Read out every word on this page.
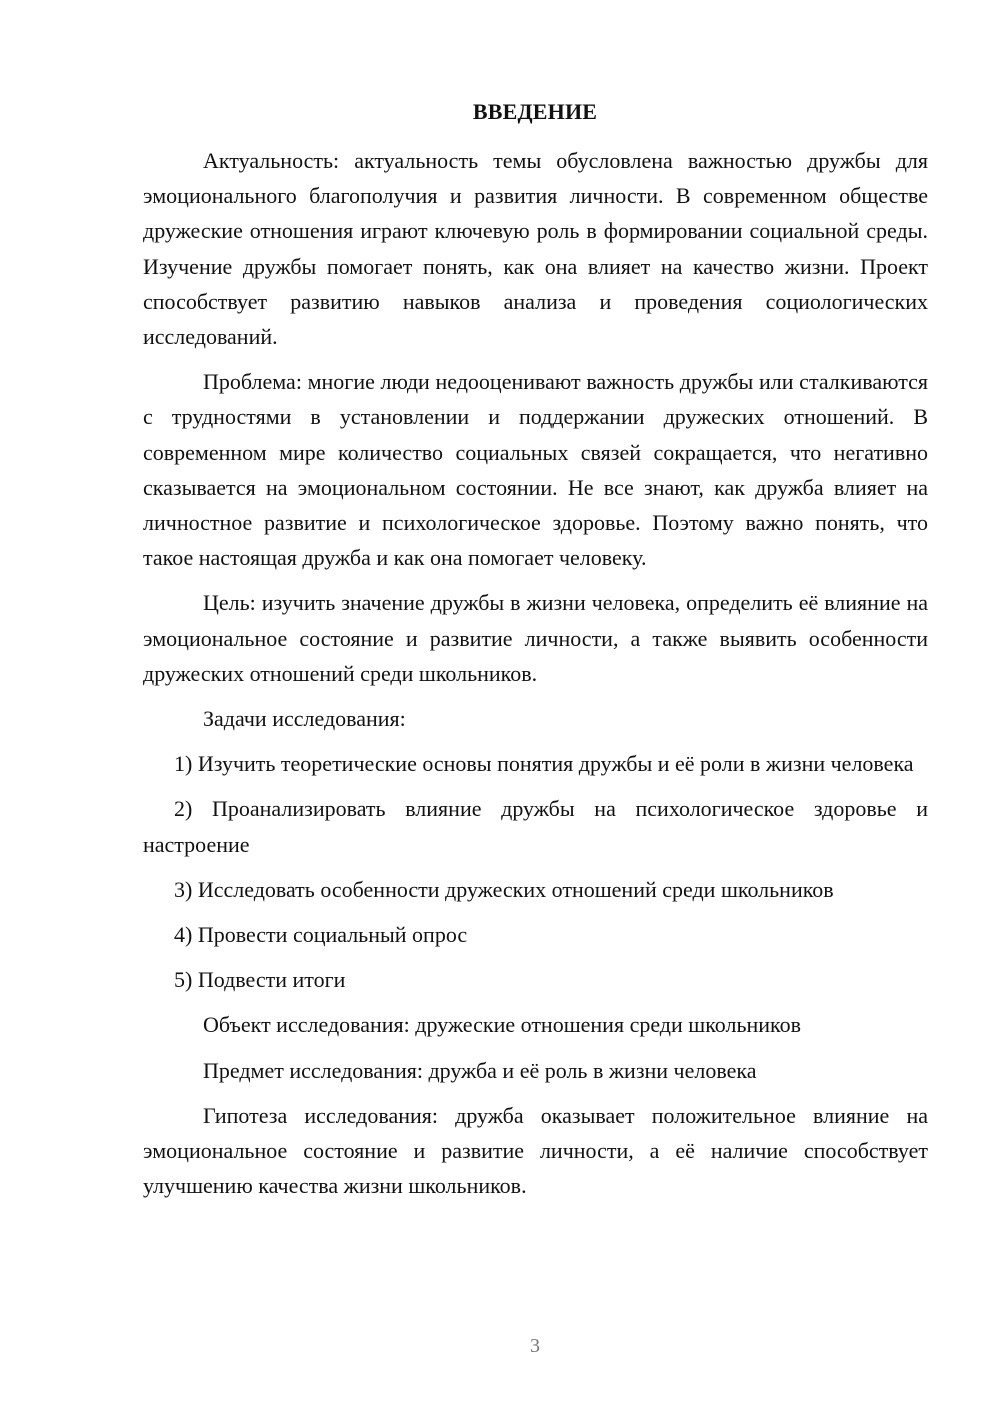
ВВЕДЕНИЕ

Актуальность: актуальность темы обусловлена важностью дружбы для эмоционального благополучия и развития личности. В современном обществе дружеские отношения играют ключевую роль в формировании социальной среды. Изучение дружбы помогает понять, как она влияет на качество жизни. Проект способствует развитию навыков анализа и проведения социологических исследований.

Проблема: многие люди недооценивают важность дружбы или сталкиваются с трудностями в установлении и поддержании дружеских отношений. В современном мире количество социальных связей сокращается, что негативно сказывается на эмоциональном состоянии. Не все знают, как дружба влияет на личностное развитие и психологическое здоровье. Поэтому важно понять, что такое настоящая дружба и как она помогает человеку.

Цель: изучить значение дружбы в жизни человека, определить её влияние на эмоциональное состояние и развитие личности, а также выявить особенности дружеских отношений среди школьников.

Задачи исследования:

1) Изучить теоретические основы понятия дружбы и её роли в жизни человека

2) Проанализировать влияние дружбы на психологическое здоровье и настроение

3) Исследовать особенности дружеских отношений среди школьников

4) Провести социальный опрос

5) Подвести итоги

Объект исследования: дружеские отношения среди школьников

Предмет исследования: дружба и её роль в жизни человека

Гипотеза исследования: дружба оказывает положительное влияние на эмоциональное состояние и развитие личности, а её наличие способствует улучшению качества жизни школьников.

3
